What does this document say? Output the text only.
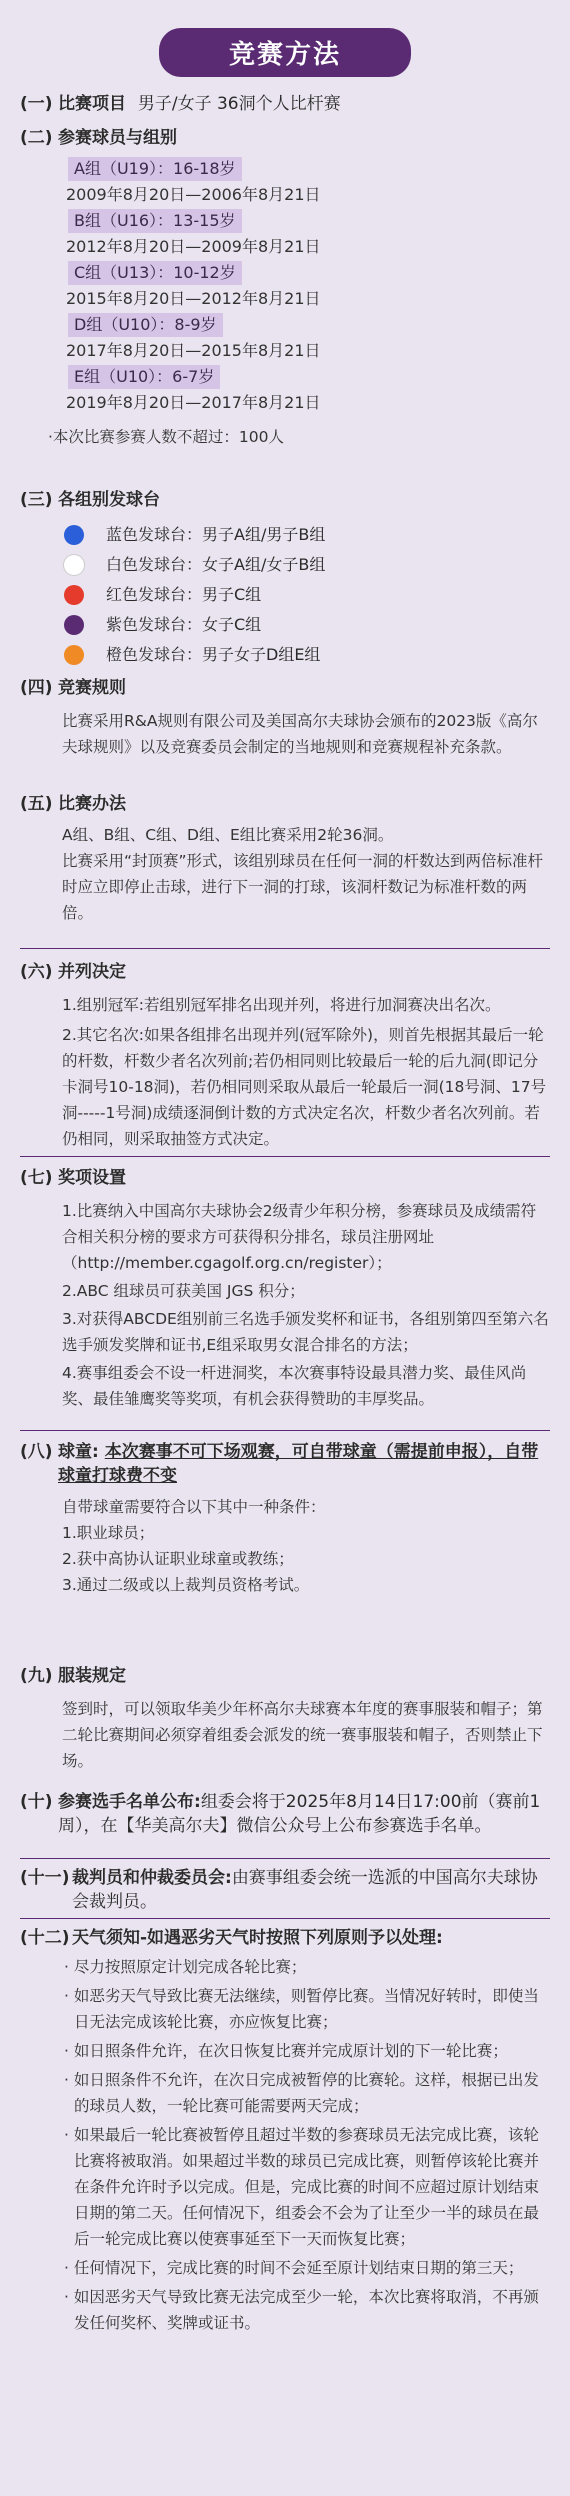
竞赛方法
(一) 比赛项目 男子/女子 36洞个人比杆赛
(二) 参赛球员与组别
A组（U19）：16-18岁
2009年8月20日—2006年8月21日
B组（U16）：13-15岁
2012年8月20日—2009年8月21日
C组（U13）：10-12岁
2015年8月20日—2012年8月21日
D组（U10）：8-9岁
2017年8月20日—2015年8月21日
E组（U10）：6-7岁
2019年8月20日—2017年8月21日
·本次比赛参赛人数不超过：100人
(三) 各组别发球台
蓝色发球台：男子A组/男子B组
白色发球台：女子A组/女子B组
红色发球台：男子C组
紫色发球台：女子C组
橙色发球台：男子女子D组E组
(四) 竞赛规则
比赛采用R&A规则有限公司及美国高尔夫球协会颁布的2023版《高尔夫球规则》以及竞赛委员会制定的当地规则和竞赛规程补充条款。
(五) 比赛办法
A组、B组、C组、D组、E组比赛采用2轮36洞。
比赛采用“封顶赛”形式，该组别球员在任何一洞的杆数达到两倍标准杆时应立即停止击球，进行下一洞的打球，该洞杆数记为标准杆数的两倍。
(六) 并列决定
1.组别冠军:若组别冠军排名出现并列，将进行加洞赛决出名次。
2.其它名次:如果各组排名出现并列(冠军除外)，则首先根据其最后一轮的杆数，杆数少者名次列前;若仍相同则比较最后一轮的后九洞(即记分卡洞号10-18洞)，若仍相同则采取从最后一轮最后一洞(18号洞、17号洞-----1号洞)成绩逐洞倒计数的方式决定名次，杆数少者名次列前。若仍相同，则采取抽签方式决定。
(七) 奖项设置
1.比赛纳入中国高尔夫球协会2级青少年积分榜，参赛球员及成绩需符合相关积分榜的要求方可获得积分排名，球员注册网址（http://member.cgagolf.org.cn/register）；
2.ABC 组球员可获美国 JGS 积分；
3.对获得ABCDE组别前三名选手颁发奖杯和证书，各组别第四至第六名选手颁发奖牌和证书,E组采取男女混合排名的方法；
4.赛事组委会不设一杆进洞奖，本次赛事特设最具潜力奖、最佳风尚奖、最佳雏鹰奖等奖项，有机会获得赞助的丰厚奖品。
(八) 球童: 本次赛事不可下场观赛，可自带球童（需提前申报），自带球童打球费不变
自带球童需要符合以下其中一种条件：
1.职业球员；
2.获中高协认证职业球童或教练；
3.通过二级或以上裁判员资格考试。
(九) 服装规定
签到时，可以领取华美少年杯高尔夫球赛本年度的赛事服装和帽子；第二轮比赛期间必须穿着组委会派发的统一赛事服装和帽子，否则禁止下场。
(十) 参赛选手名单公布:组委会将于2025年8月14日17:00前（赛前1周），在【华美高尔夫】微信公众号上公布参赛选手名单。
(十一) 裁判员和仲裁委员会:由赛事组委会统一选派的中国高尔夫球协会裁判员。
(十二) 天气须知-如遇恶劣天气时按照下列原则予以处理:
· 尽力按照原定计划完成各轮比赛；
· 如恶劣天气导致比赛无法继续，则暂停比赛。当情况好转时，即使当日无法完成该轮比赛，亦应恢复比赛；
· 如日照条件允许，在次日恢复比赛并完成原计划的下一轮比赛；
· 如日照条件不允许，在次日完成被暂停的比赛轮。这样，根据已出发的球员人数，一轮比赛可能需要两天完成；
· 如果最后一轮比赛被暂停且超过半数的参赛球员无法完成比赛，该轮比赛将被取消。如果超过半数的球员已完成比赛，则暂停该轮比赛并在条件允许时予以完成。但是，完成比赛的时间不应超过原计划结束日期的第二天。任何情况下，组委会不会为了让至少一半的球员在最后一轮完成比赛以使赛事延至下一天而恢复比赛；
· 任何情况下，完成比赛的时间不会延至原计划结束日期的第三天；
· 如因恶劣天气导致比赛无法完成至少一轮，本次比赛将取消，不再颁发任何奖杯、奖牌或证书。
